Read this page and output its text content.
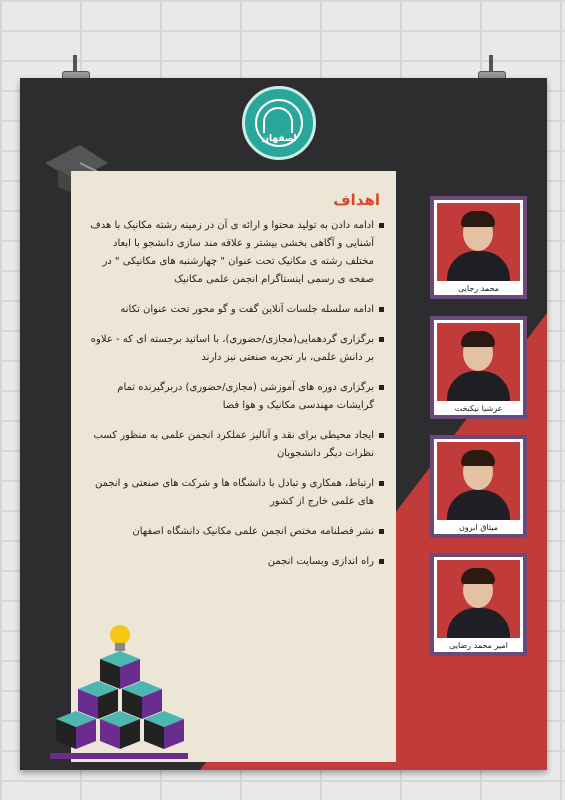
اصفهان
اهداف
ادامه دادن به تولید محتوا و ارائه ی آن در زمینه رشته مکانیک با هدف آشنایی و آگاهی بخشی بیشتر و علاقه مند سازی دانشجو با ابعاد مختلف رشته ی مکانیک تحت عنوان " چهارشنبه های مکانیکی " در صفحه ی رسمی اینستاگرام انجمن علمی مکانیک
ادامه سلسله جلسات آنلاین گفت و گو محور تحت عنوان تکانه
برگزاری گردهمایی(مجازی/حضوری)، با اساتید برجسته ای که - علاوه بر دانش علمی، بار تجربه صنعتی نیز دارند
برگزاری دوره های آموزشی (مجازی/حضوری) دربرگیرنده تمام گرایشات مهندسی مکانیک و هوا فضا
ایجاد محیطی برای نقد و آنالیز عملکرد انجمن علمی به منظور کسب نظرات دیگر دانشجویان
ارتباط، همکاری و تبادل با دانشگاه ها و شرکت های صنعتی و انجمن های علمی خارج از کشور
نشر فصلنامه مختص انجمن علمی مکانیک دانشگاه اصفهان
راه اندازی وبسایت انجمن
محمد رجایی
عرشیا نیکبخت
میثاق ابرون
امیر محمد رضایی
